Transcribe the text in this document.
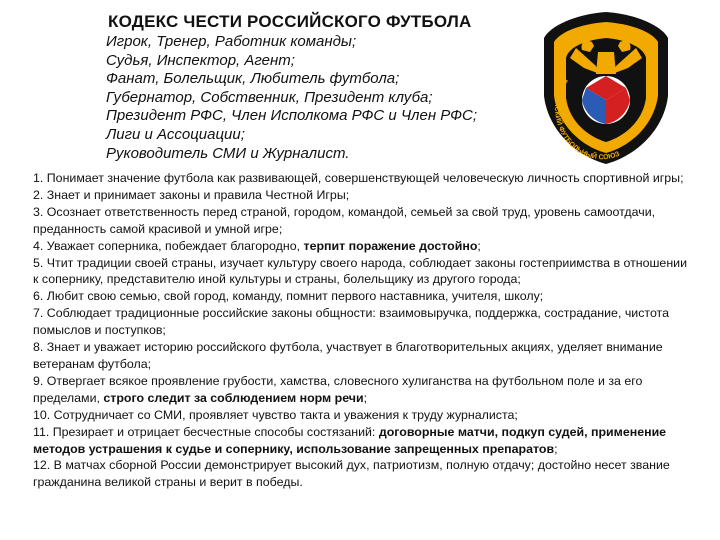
КОДЕКС ЧЕСТИ РОССИЙСКОГО ФУТБОЛА
Игрок, Тренер, Работник команды;
Судья, Инспектор, Агент;
Фанат, Болельщик, Любитель футбола;
Губернатор, Собственник, Президент клуба;
Президент РФС, Член Исполкома РФС и Член РФС;
Лиги и Ассоциации;
Руководитель СМИ и Журналист.
РОССИЙСКИЙ ФУТБОЛЬНЫЙ СОЮЗ
1. Понимает значение футбола как развивающей, совершенствующей человеческую личность спортивной игры;
2. Знает и принимает законы и правила Честной Игры;
3. Осознает ответственность перед страной, городом, командой, семьей за свой труд, уровень самоотдачи, преданность самой красивой и умной игре;
4. Уважает соперника, побеждает благородно, терпит поражение достойно;
5. Чтит традиции своей страны, изучает культуру своего народа, соблюдает законы гостеприимства в отношении к сопернику, представителю иной культуры и страны, болельщику из другого города;
6. Любит свою семью, свой город, команду, помнит первого наставника, учителя, школу;
7. Соблюдает традиционные российские законы общности: взаимовыручка, поддержка, сострадание, чистота помыслов и поступков;
8. Знает и уважает историю российского футбола, участвует в благотворительных акциях, уделяет внимание ветеранам футбола;
9. Отвергает всякое проявление грубости, хамства, словесного хулиганства на футбольном поле и за его пределами, строго следит за соблюдением норм речи;
10. Сотрудничает со СМИ, проявляет чувство такта и уважения к труду журналиста;
11. Презирает и отрицает бесчестные способы состязаний: договорные матчи, подкуп судей, применение методов устрашения к судье и сопернику, использование запрещенных препаратов;
12. В матчах сборной России демонстрирует высокий дух, патриотизм, полную отдачу; достойно несет звание гражданина великой страны и верит в победы.
